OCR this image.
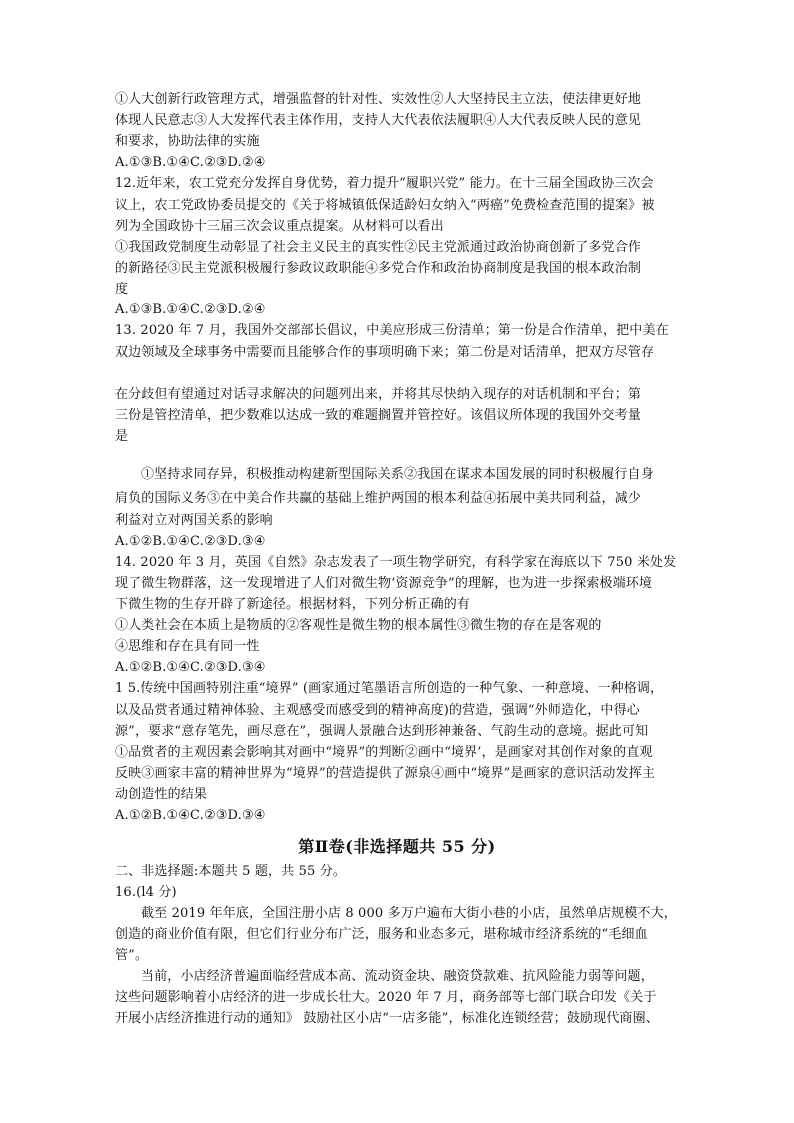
①人大创新行政管理方式，增强监督的针对性、实效性②人大坚持民主立法，使法律更好地
体现人民意志③人大发挥代表主体作用，支持人大代表依法履职④人大代表反映人民的意见
和要求，协助法律的实施
A.①③B.①④C.②③D.②④
12.近年来，农工党充分发挥自身优势，着力提升“履职兴党” 能力。在十三届全国政协三次会
议上，农工党政协委员提交的《关于将城镇低保适龄妇女纳入“两癌”免费检查范围的提案》被
列为全国政协十三届三次会议重点提案。从材料可以看出
①我国政党制度生动彰显了社会主义民主的真实性②民主党派通过政治协商创新了多党合作
的新路径③民主党派积极履行参政议政职能④多党合作和政治协商制度是我国的根本政治制
度
A.①③B.①④C.②③D.②④
13. 2020 年 7 月，我国外交部部长倡议，中美应形成三份清单；第一份是合作清单，把中美在
双边领域及全球事务中需要而且能够合作的事项明确下来；第二份是对话清单，把双方尽管存
在分歧但有望通过对话寻求解决的问题列出来，并将其尽快纳入现存的对话机制和平台；第
三份是管控清单，把少数难以达成一致的难题搁置并管控好。该倡议所体现的我国外交考量
是
①坚持求同存异，积极推动构建新型国际关系②我国在谋求本国发展的同时积极履行自身
肩负的国际义务③在中美合作共赢的基础上维护两国的根本利益④拓展中美共同利益，减少
利益对立对两国关系的影响
A.①②B.①④C.②③D.③④
14. 2020 年 3 月，英国《自然》杂志发表了一项生物学研究，有科学家在海底以下 750 米处发
现了微生物群落，这一发现增进了人们对微生物‘资源竞争”的理解，也为进一步探索极端环境
下微生物的生存开辟了新途径。根据材料，下列分析正确的有
①人类社会在本质上是物质的②客观性是微生物的根本属性③微生物的存在是客观的
④思维和存在具有同一性
A.①②B.①④C.②③D.③④
1 5.传统中国画特别注重“境界” (画家通过笔墨语言所创造的一种气象、一种意境、一种格调，
以及品赏者通过精神体验、主观感受而感受到的精神高度)的营造，强调“外师造化，中得心
源”，要求“意存笔先，画尽意在”，强调人景融合达到形神兼备、气韵生动的意境。据此可知
①品赏者的主观因素会影响其对画中“境界”的判断②画中“境界’，是画家对其创作对象的直观
反映③画家丰富的精神世界为“境界”的营造提供了源泉④画中“境界”是画家的意识活动发挥主
动创造性的结果
A.①②B.①④C.②③D.③④
第Ⅱ卷(非选择题共 55 分)
二、非选择题:本题共 5 题，共 55 分。
16.(l4 分)
截至 2019 年年底，全国注册小店 8 000 多万户遍布大街小巷的小店，虽然单店规模不大，
创造的商业价值有限，但它们行业分布广泛，服务和业态多元，堪称城市经济系统的“毛细血
管”。
当前，小店经济普遍面临经营成本高、流动资金块、融资贷款难、抗风险能力弱等问题，
这些问题影响着小店经济的进一步成长壮大。2020 年 7 月，商务部等七部门联合印发《关于
开展小店经济推进行动的通知》 鼓励社区小店“一店多能”，标准化连锁经营；鼓励现代商圈、
